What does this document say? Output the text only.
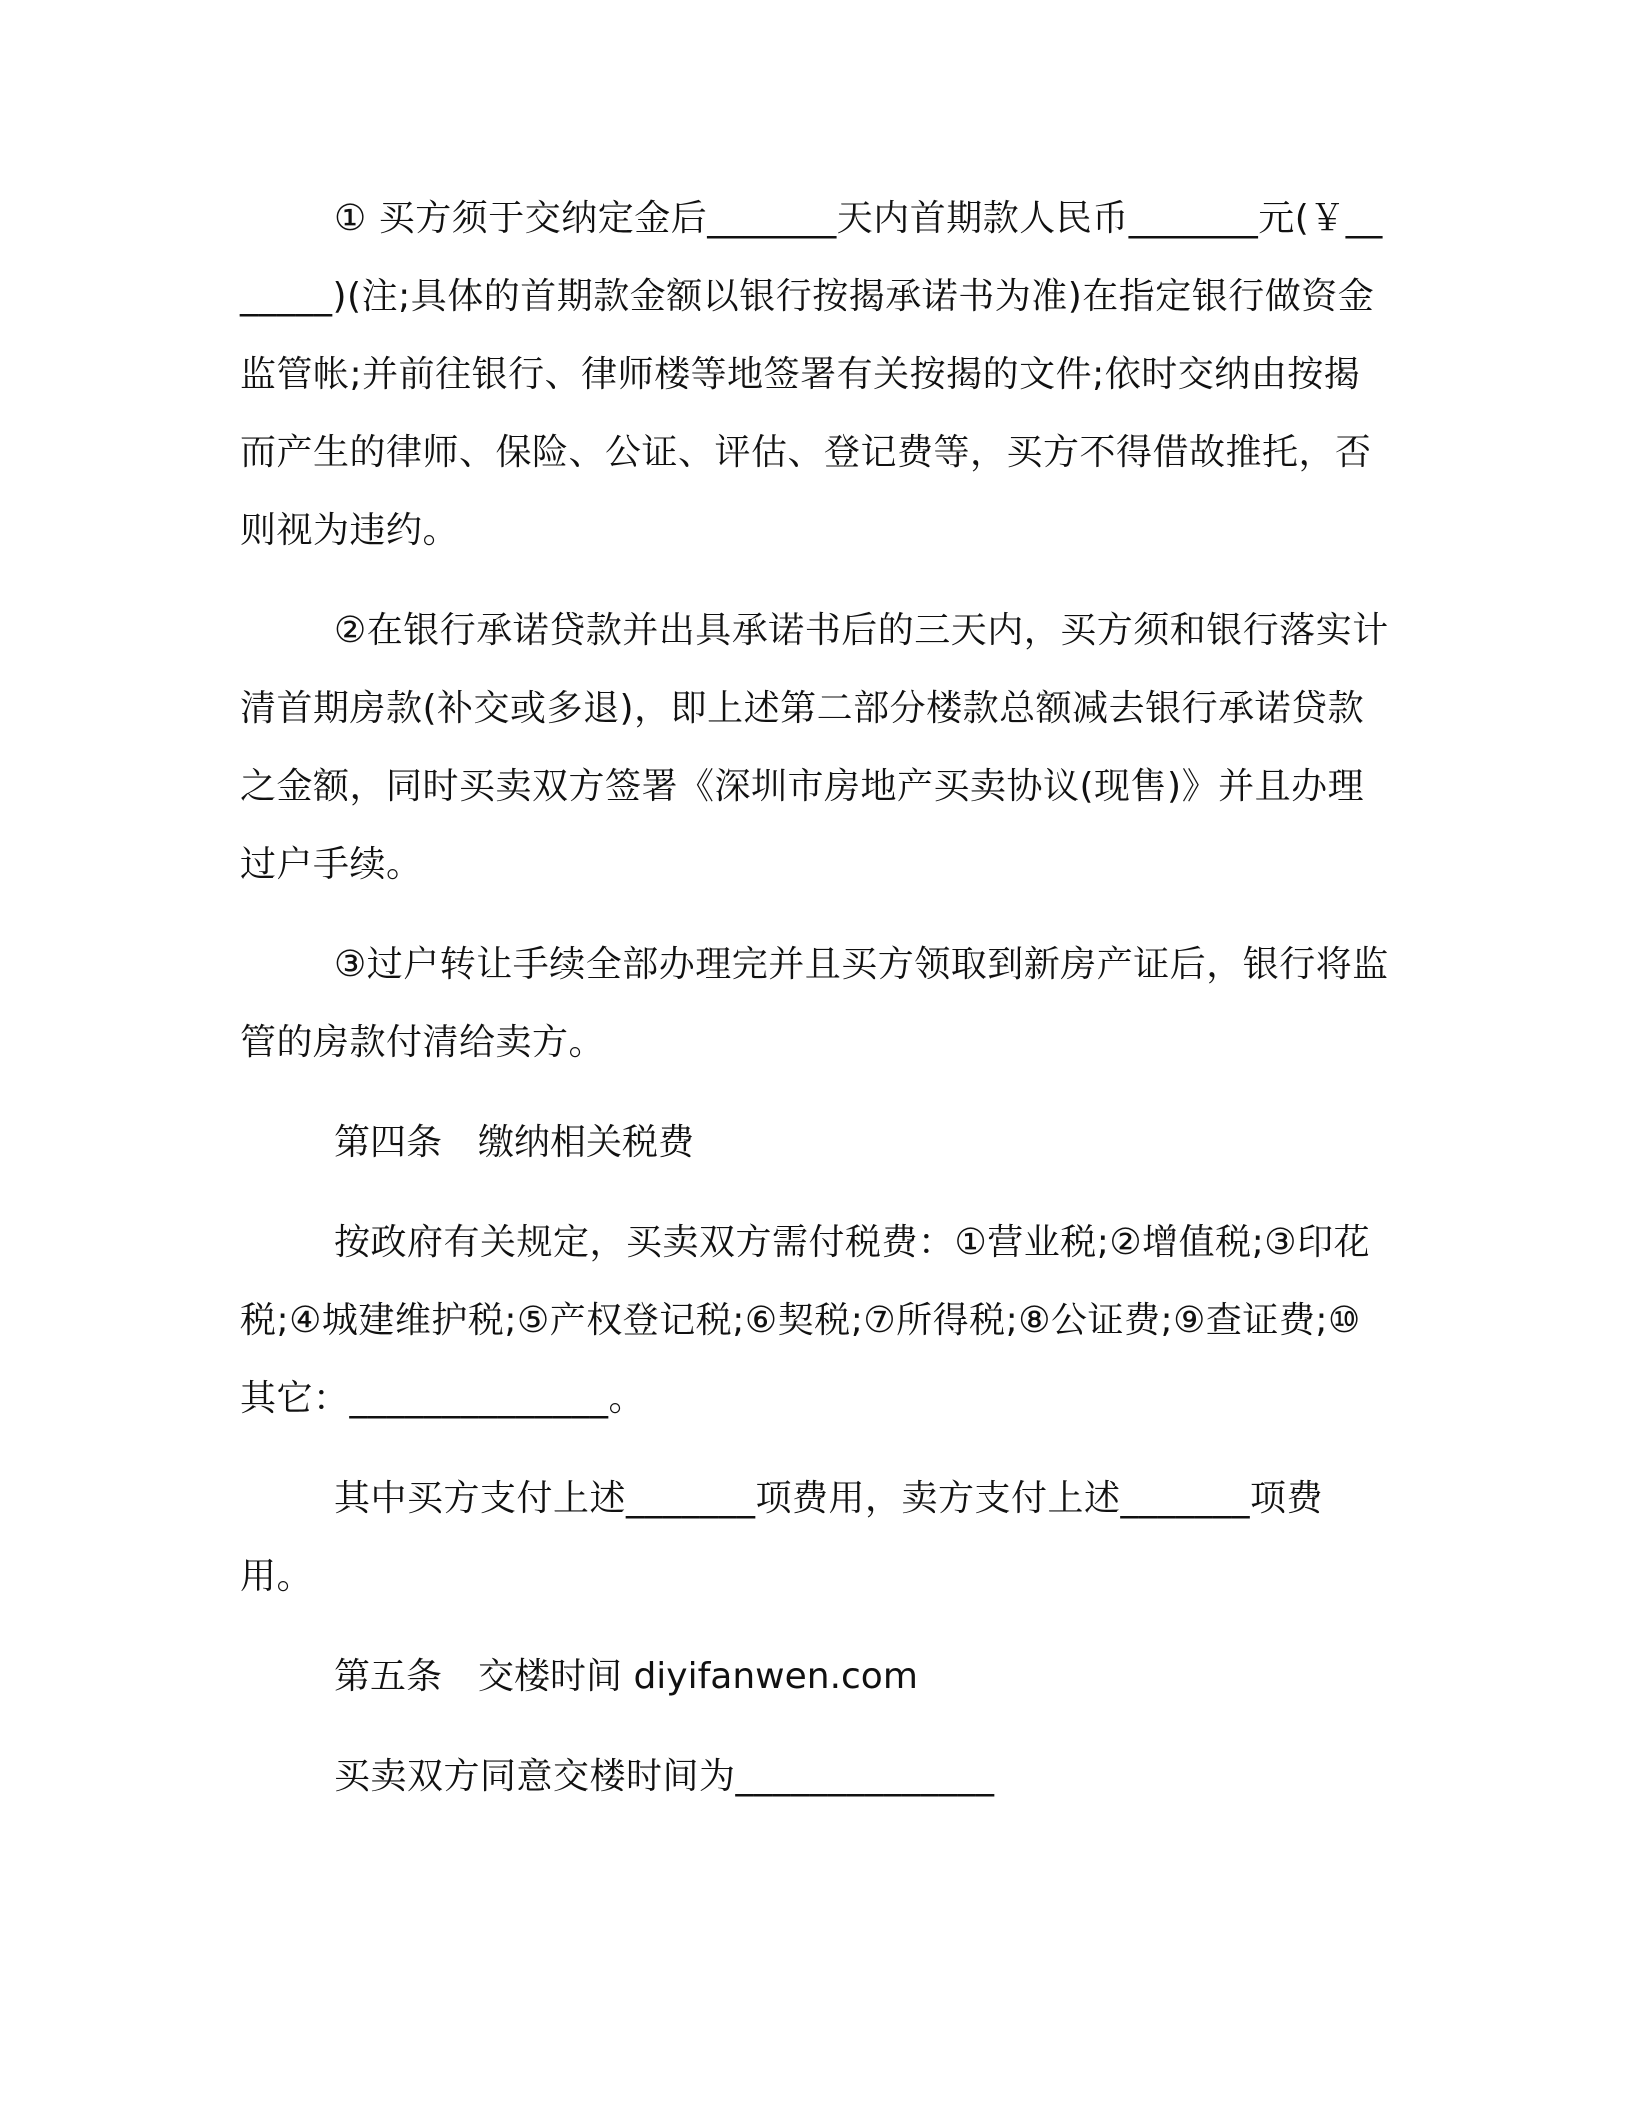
① 买方须于交纳定金后_______天内首期款人民币_______元(￥_______)(注;具体的首期款金额以银行按揭承诺书为准)在指定银行做资金监管帐;并前往银行、律师楼等地签署有关按揭的文件;依时交纳由按揭而产生的律师、保险、公证、评估、登记费等，买方不得借故推托，否则视为违约。

②在银行承诺贷款并出具承诺书后的三天内，买方须和银行落实计 清首期房款(补交或多退)，即上述第二部分楼款总额减去银行承诺贷款之金额，同时买卖双方签署《深圳市房地产买卖协议(现售)》并且办理过户手续。

③过户转让手续全部办理完并且买方领取到新房产证后，银行将监管的房款付清给卖方。

第四条　缴纳相关税费

按政府有关规定，买卖双方需付税费：①营业税;②增值税;③印花税;④城建维护税;⑤产权登记税;⑥契税;⑦所得税;⑧公证费;⑨查证费;⑩其它：______________。

其中买方支付上述_______项费用，卖方支付上述_______项费用。

第五条　交楼时间 diyifanwen.com

买卖双方同意交楼时间为______________
